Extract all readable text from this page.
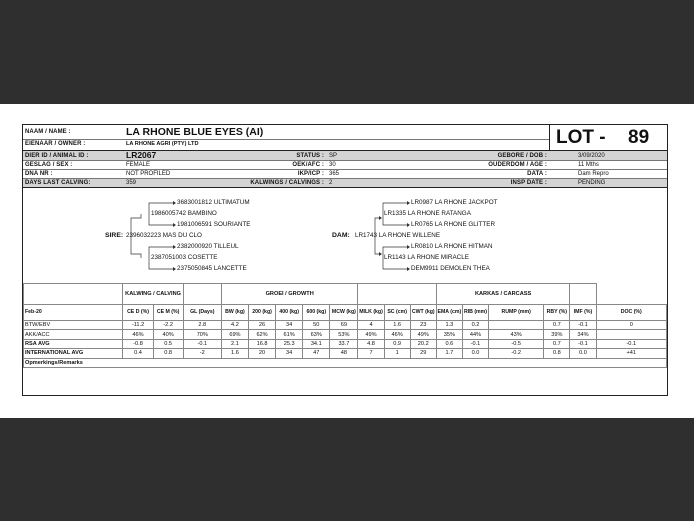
NAAM / NAME :	LA RHONE BLUE EYES (AI)
EIENAAR / OWNER :	LA RHONE AGRI (PTY) LTD	LOT - 89
DIER ID / ANIMAL ID :	LR2067
GESLAG / SEX :	FEMALE
DNA NR :	NOT PROFILED
DAYS LAST CALVING:	359
STATUS : SP
OEK/AFC : 30
IKP/ICP : 365
KALWINGS / CALVINGS : 2
GEBORE / DOB :	3/09/2020
OUDERDOM / AGE :	11 Mths
DATA :	Dam Repro
INSP DATE :	PENDING
3683001812 ULTIMATUM
1986005742 BAMBINO
1981006591 SOURIANTE
SIRE: 2396032223 MAS DU CLO
2382000920 TILLEUL
2387051003 COSETTE
2375050845 LANCETTE
LR0987 LA RHONE JACKPOT
LR1335 LA RHONE RATANGA
LR0765 LA RHONE GLITTER
DAM: LR1743 LA RHONE WILLENE
LR0810 LA RHONE HITMAN
LR1143 LA RHONE MIRACLE
DEM9911 DEMOLEN THEA
	KALWING / CALVING			GROEI / GROWTH								KARKAS / CARCASS					
Feb-20	CE D (%)	CE M (%)	GL (Days)	BW (kg)	200 (kg)	400 (kg)	600 (kg)	MCW (kg)	MILK (kg)	SC (cm)	CWT (kg)	EMA (cm)	RIB (mm)	RUMP (mm)	RBY (%)	IMF (%)	DOC (%)
BTW/EBV	-11.2	-2.2	2.8	4.2	26	34	50	69	4	1.6	23	1.3	0.2		0.7	-0.1	0
AKK/ACC	46%	40%	70%	69%	62%	61%	63%	53%	49%	46%	49%	35%	44%	43%	39%	34%	
RSA AVG	-0.8	0.5	-0.1	2.1	16.8	25.3	34.1	33.7	4.8	0.9	20.2	0.6	-0.1	-0.5	0.7	-0.1	-0.1
INTERNATIONAL AVG	0.4	0.8	-2	1.6	20	34	47	48	7	1	29	1.7	0.0	-0.2	0.8	0.0	+41
Opmerkings/Remarks																	
